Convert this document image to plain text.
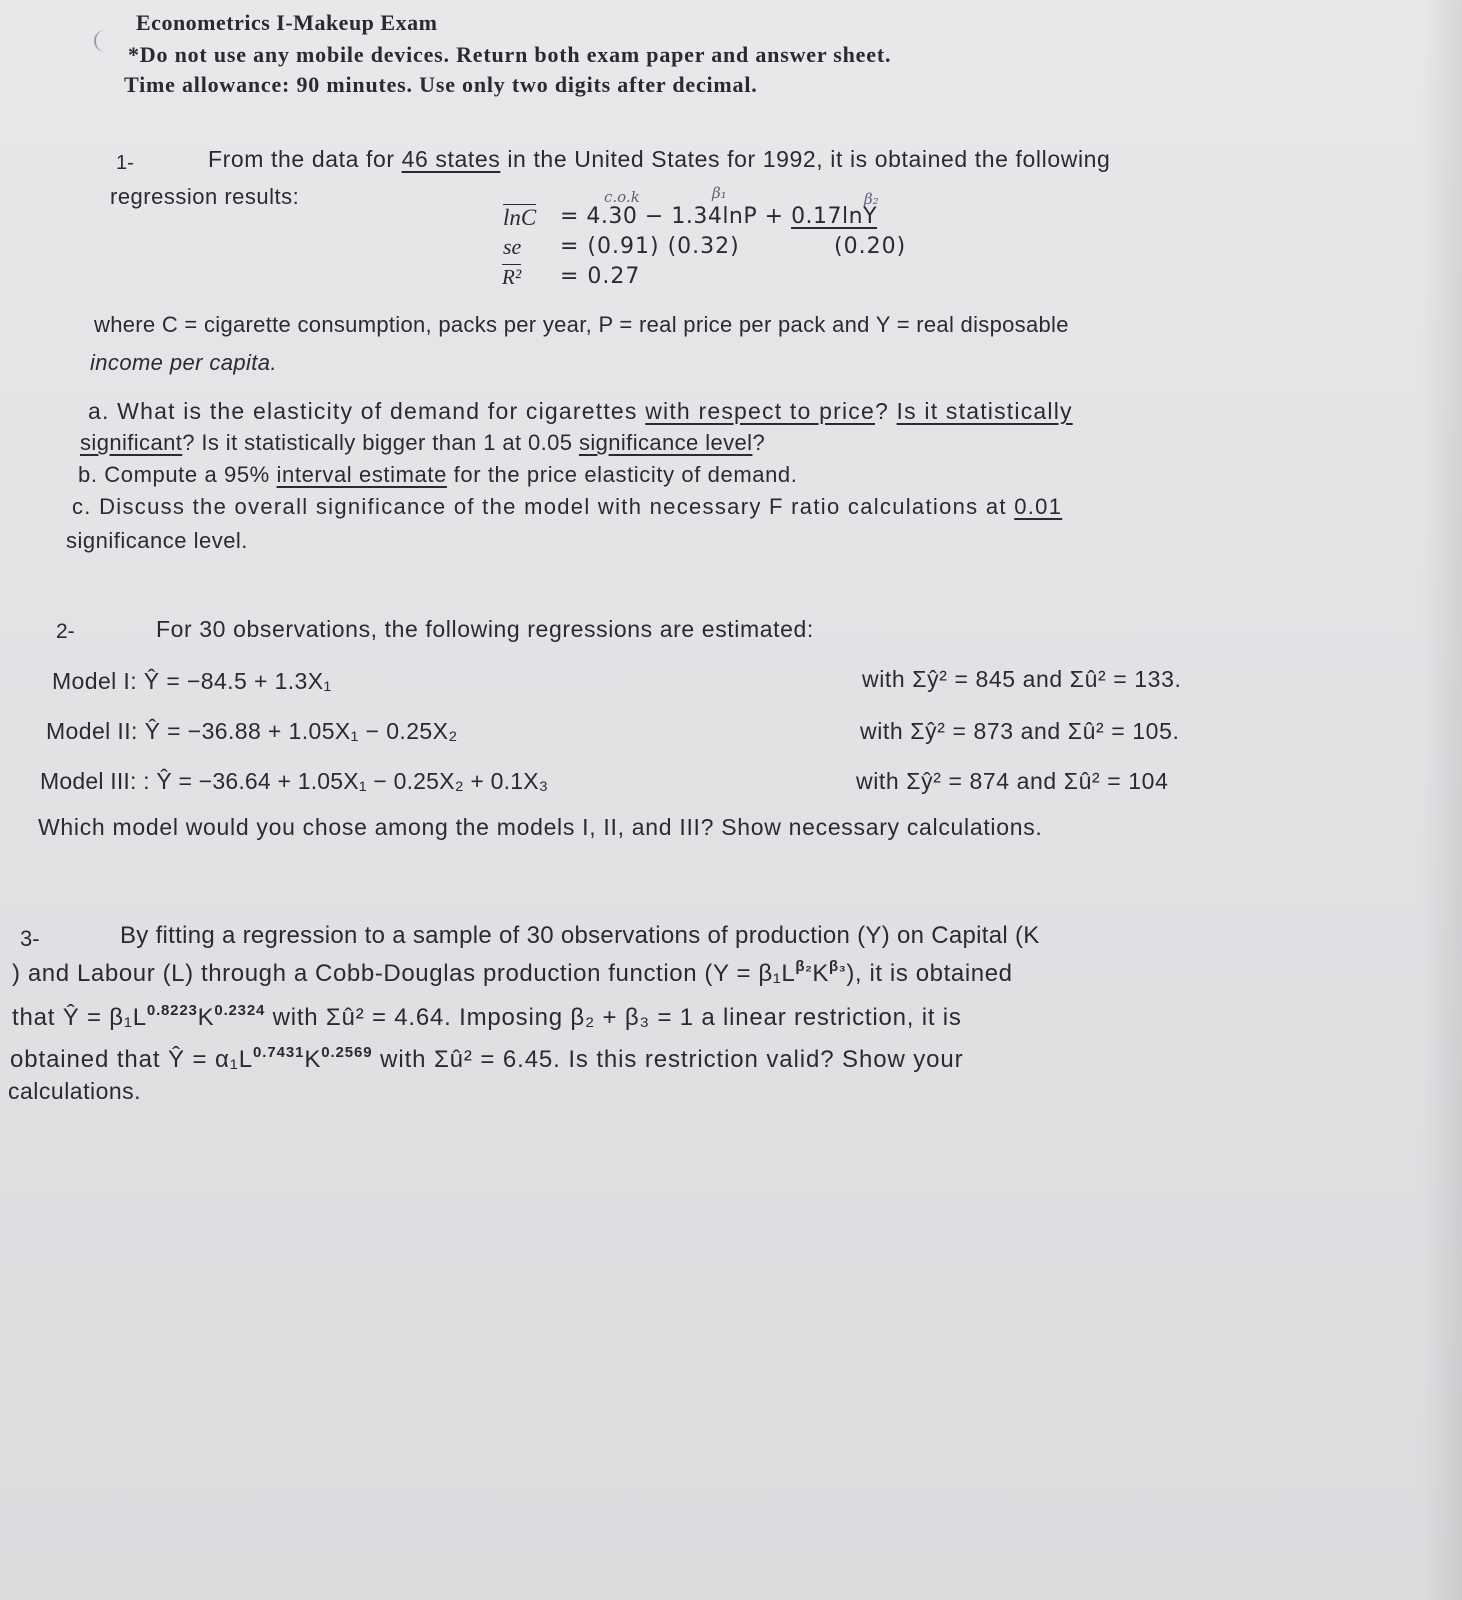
Econometrics I-Makeup Exam
*Do not use any mobile devices. Return both exam paper and answer sheet.
Time allowance: 90 minutes. Use only two digits after decimal.
1-	From the data for 46 states in the United States for 1992, it is obtained the following
regression results:	c.o.k	β₁	β₂
lnC = 4.30 − 1.34lnP + 0.17lnY
se = (0.91) (0.32)	(0.20)
R² = 0.27
where C = cigarette consumption, packs per year, P = real price per pack and Y = real disposable
income per capita.
a. What is the elasticity of demand for cigarettes with respect to price? Is it statistically
significant? Is it statistically bigger than 1 at 0.05 significance level?
b. Compute a 95% interval estimate for the price elasticity of demand.
c. Discuss the overall significance of the model with necessary F ratio calculations at 0.01
significance level.
2-	For 30 observations, the following regressions are estimated:
Model I: Ŷ = −84.5 + 1.3X₁	with Σŷ² = 845 and Σû² = 133.
Model II: Ŷ = −36.88 + 1.05X₁ − 0.25X₂	with Σŷ² = 873 and Σû² = 105.
Model III: : Ŷ = −36.64 + 1.05X₁ − 0.25X₂ + 0.1X₃	with Σŷ² = 874 and Σû² = 104
Which model would you chose among the models I, II, and III? Show necessary calculations.
3-	By fitting a regression to a sample of 30 observations of production (Y) on Capital (K
) and Labour (L) through a Cobb-Douglas production function $(Y = \beta_1L^{\beta_2}K^{\beta_3})$, it is obtained
that Ŷ = $\beta_1L^{0.8223}K^{0.2324}$ with Σû² = 4.64. Imposing β₂ + β₃ = 1 a linear restriction, it is
obtained that Ŷ = $\alpha_1L^{0.7431}K^{0.2569}$ with Σû² = 6.45. Is this restriction valid? Show your
calculations.
